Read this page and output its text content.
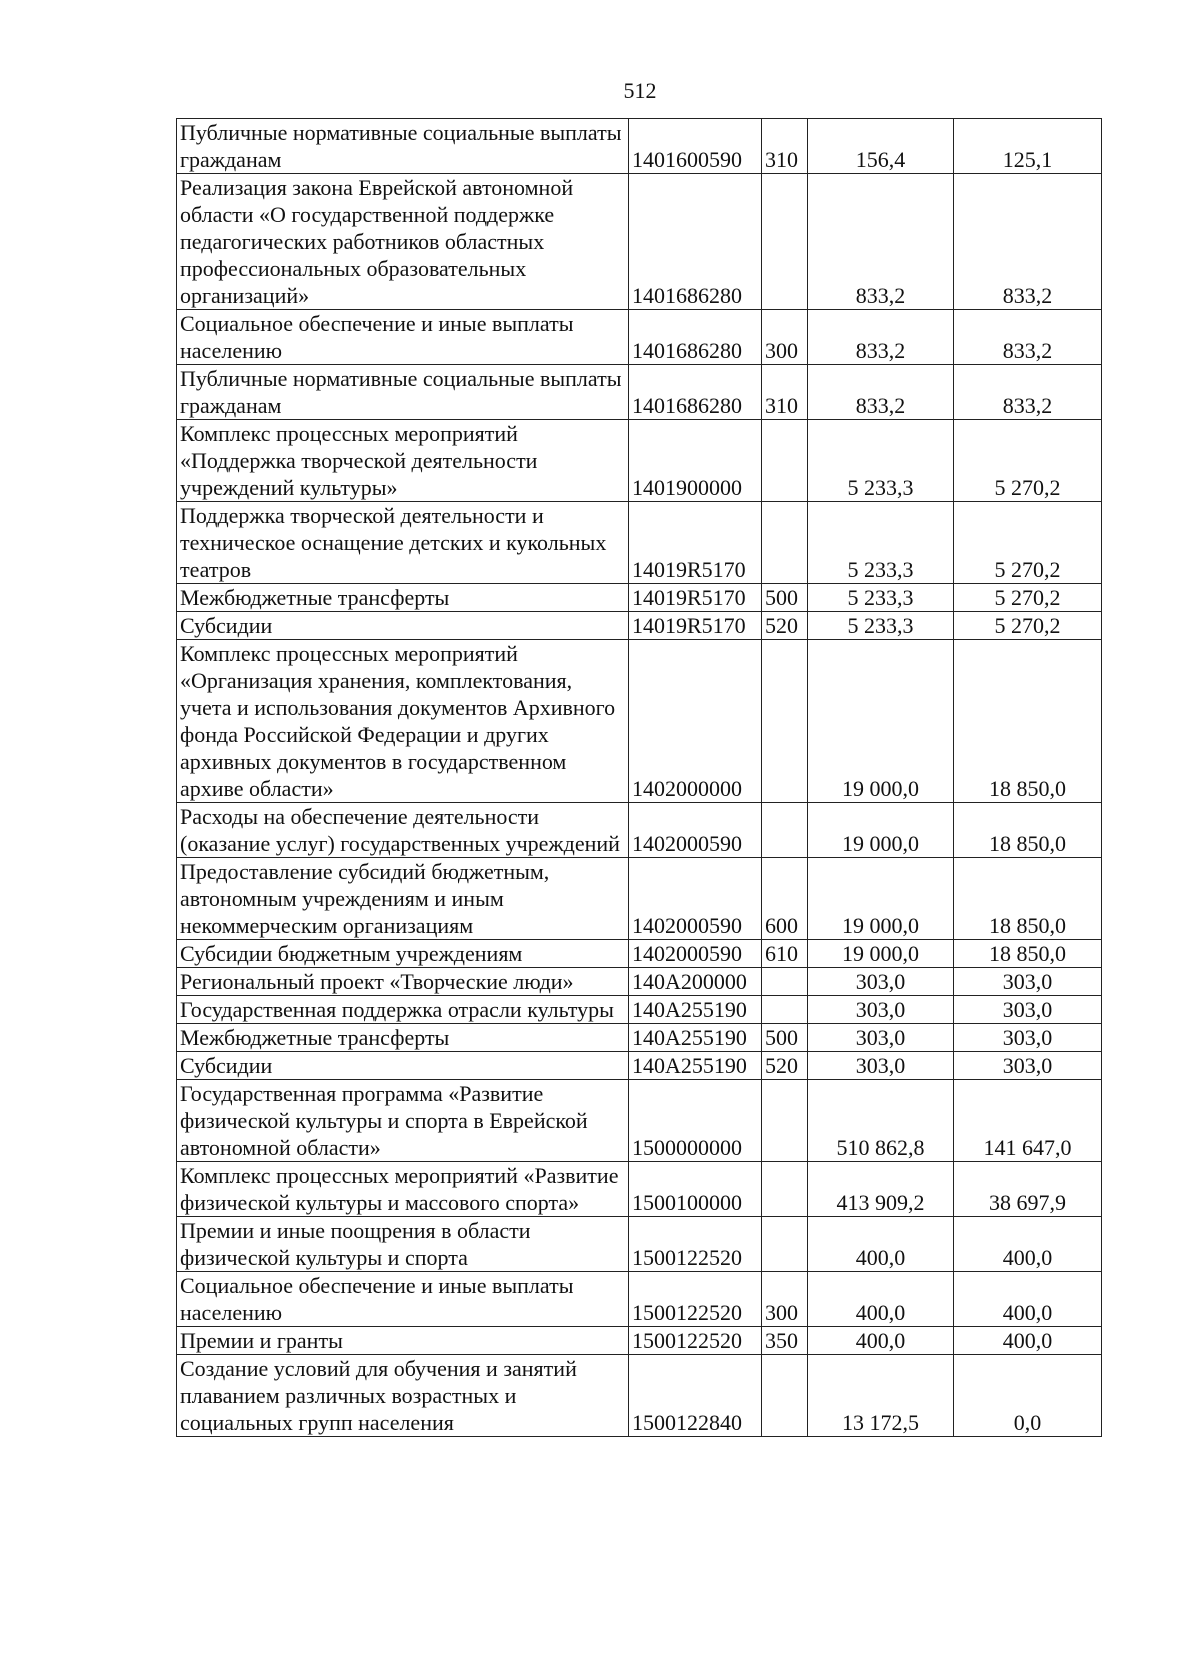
512
Публичные нормативные социальные выплаты гражданам	1401600590	310	156,4	125,1
Реализация закона Еврейской автономной области «О государственной поддержке педагогических работников областных профессиональных образовательных организаций»	1401686280		833,2	833,2
Социальное обеспечение и иные выплаты населению	1401686280	300	833,2	833,2
Публичные нормативные социальные выплаты гражданам	1401686280	310	833,2	833,2
Комплекс процессных мероприятий «Поддержка творческой деятельности учреждений культуры»	1401900000		5 233,3	5 270,2
Поддержка творческой деятельности и техническое оснащение детских и кукольных театров	14019R5170		5 233,3	5 270,2
Межбюджетные трансферты	14019R5170	500	5 233,3	5 270,2
Субсидии	14019R5170	520	5 233,3	5 270,2
Комплекс процессных мероприятий «Организация хранения, комплектования, учета и использования документов Архивного фонда Российской Федерации и других архивных документов в государственном архиве области»	1402000000		19 000,0	18 850,0
Расходы на обеспечение деятельности (оказание услуг) государственных учреждений	1402000590		19 000,0	18 850,0
Предоставление субсидий бюджетным, автономным учреждениям и иным некоммерческим организациям	1402000590	600	19 000,0	18 850,0
Субсидии бюджетным учреждениям	1402000590	610	19 000,0	18 850,0
Региональный проект «Творческие люди»	140A200000		303,0	303,0
Государственная поддержка отрасли культуры	140A255190		303,0	303,0
Межбюджетные трансферты	140A255190	500	303,0	303,0
Субсидии	140A255190	520	303,0	303,0
Государственная программа «Развитие физической культуры и спорта в Еврейской автономной области»	1500000000		510 862,8	141 647,0
Комплекс процессных мероприятий «Развитие физической культуры и массового спорта»	1500100000		413 909,2	38 697,9
Премии и иные поощрения в области физической культуры и спорта	1500122520		400,0	400,0
Социальное обеспечение и иные выплаты населению	1500122520	300	400,0	400,0
Премии и гранты	1500122520	350	400,0	400,0
Создание условий для обучения и занятий плаванием различных возрастных и социальных групп населения	1500122840		13 172,5	0,0
